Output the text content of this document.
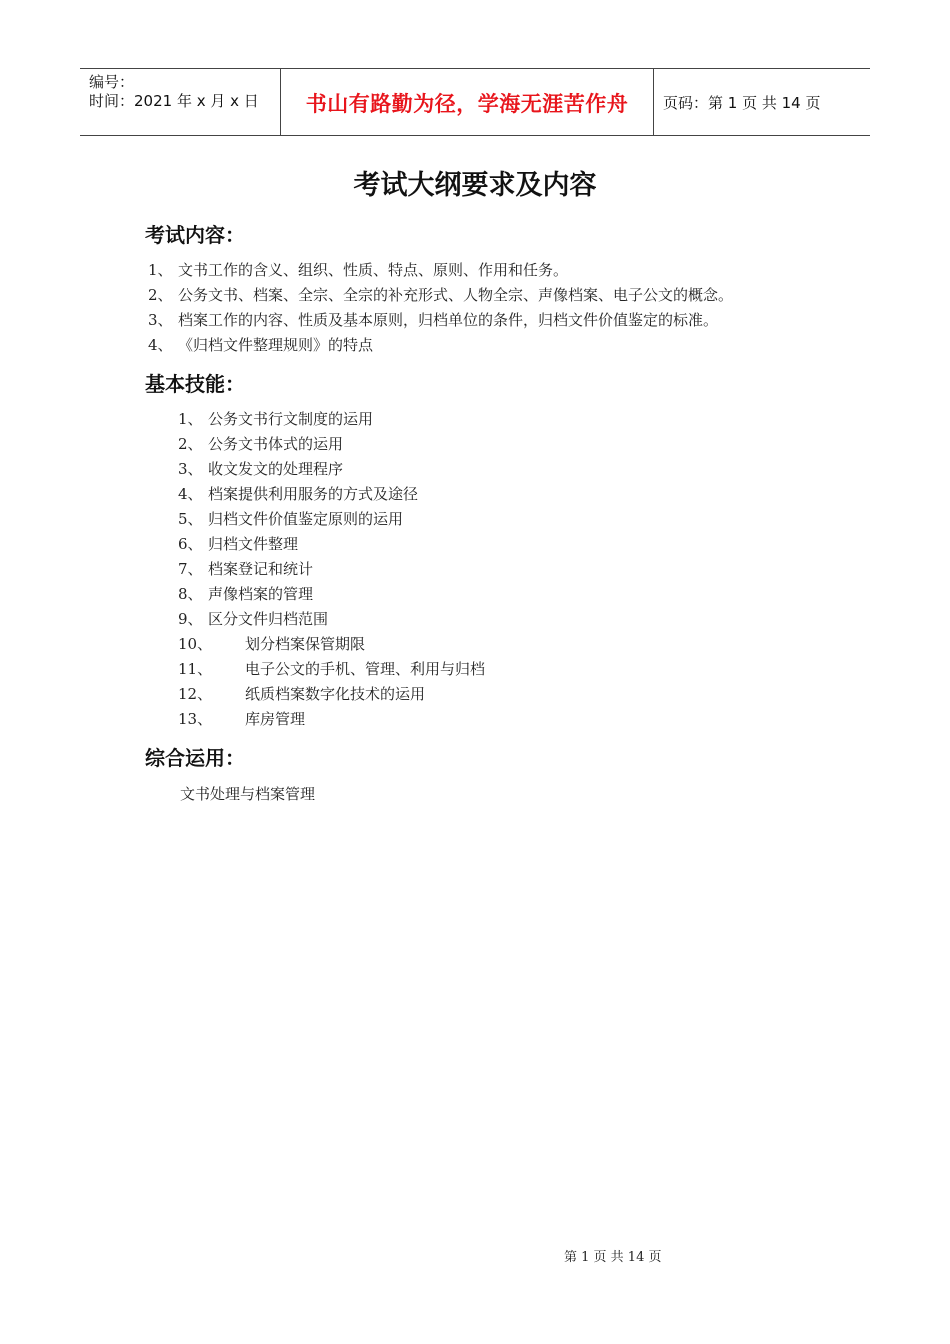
编号：
时间：2021 年 x 月 x 日	书山有路勤为径，学海无涯苦作舟	页码：第 1 页 共 14 页
考试大纲要求及内容
考试内容：
1、 文书工作的含义、组织、性质、特点、原则、作用和任务。
2、 公务文书、档案、全宗、全宗的补充形式、人物全宗、声像档案、电子公文的概念。
3、 档案工作的内容、性质及基本原则，归档单位的条件，归档文件价值鉴定的标准。
4、 《归档文件整理规则》的特点
基本技能：
1、 公务文书行文制度的运用
2、 公务文书体式的运用
3、 收文发文的处理程序
4、 档案提供利用服务的方式及途径
5、 归档文件价值鉴定原则的运用
6、 归档文件整理
7、 档案登记和统计
8、 声像档案的管理
9、 区分文件归档范围
10、 划分档案保管期限
11、 电子公文的手机、管理、利用与归档
12、 纸质档案数字化技术的运用
13、 库房管理
综合运用：
文书处理与档案管理
第 1 页 共 14 页
